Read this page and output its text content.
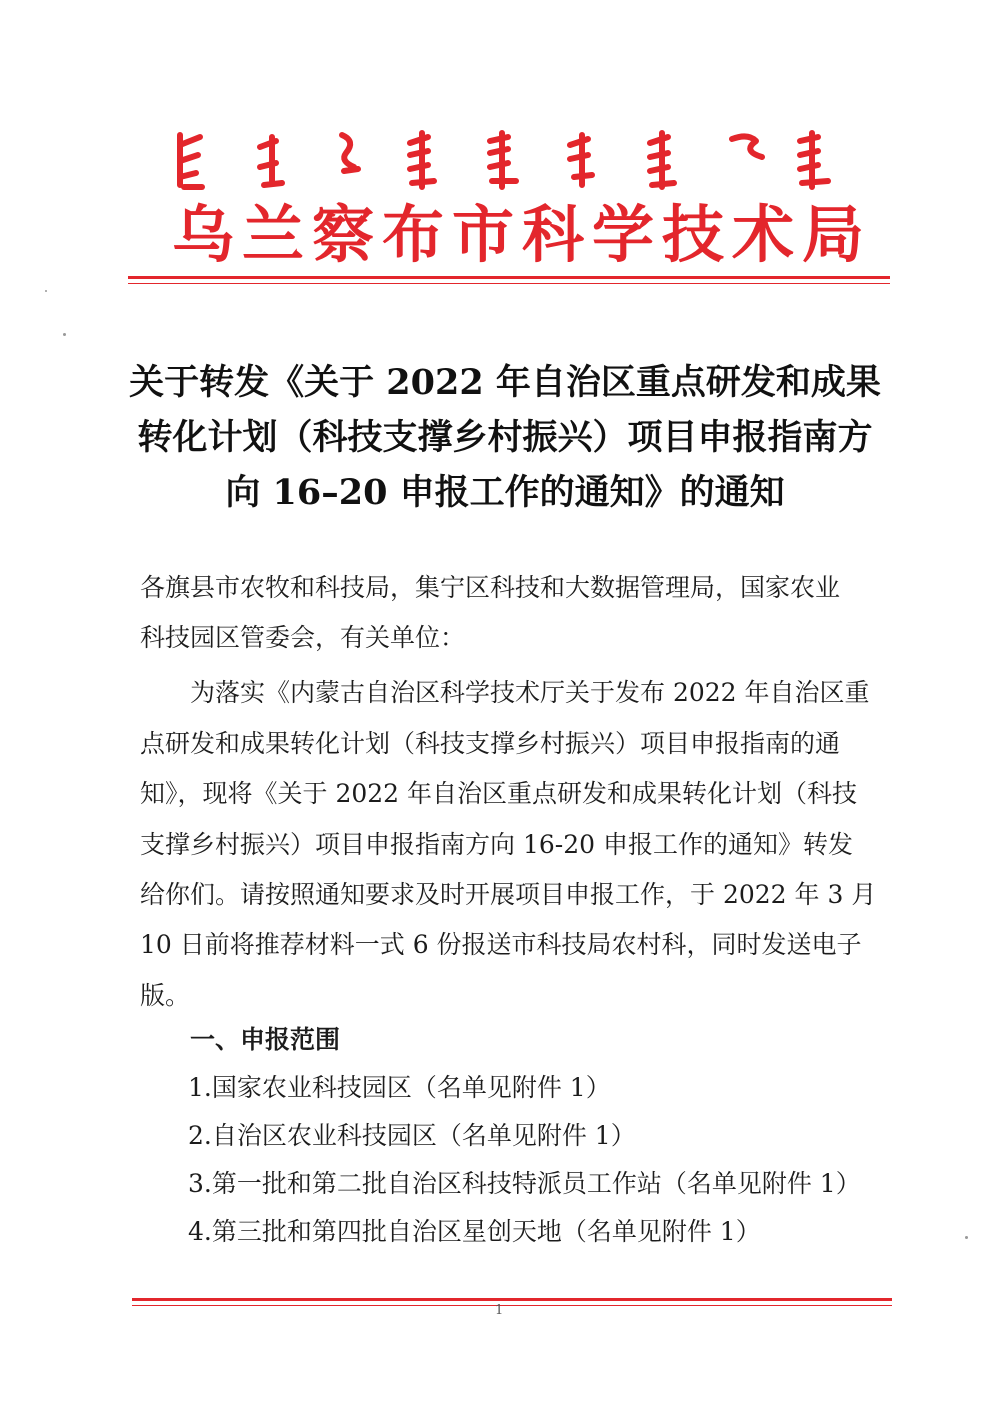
乌兰察布市科学技术局
关于转发《关于 2022 年自治区重点研发和成果
转化计划（科技支撑乡村振兴）项目申报指南方
向 16–20 申报工作的通知》的通知
各旗县市农牧和科技局，集宁区科技和大数据管理局，国家农业
科技园区管委会，有关单位：
为落实《内蒙古自治区科学技术厅关于发布 2022 年自治区重
点研发和成果转化计划（科技支撑乡村振兴）项目申报指南的通
知》，现将《关于 2022 年自治区重点研发和成果转化计划（科技
支撑乡村振兴）项目申报指南方向 16-20 申报工作的通知》转发
给你们。请按照通知要求及时开展项目申报工作，于 2022 年 3 月
10 日前将推荐材料一式 6 份报送市科技局农村科，同时发送电子
版。
一、申报范围
1.国家农业科技园区（名单见附件 1）
2.自治区农业科技园区（名单见附件 1）
3.第一批和第二批自治区科技特派员工作站（名单见附件 1）
4.第三批和第四批自治区星创天地（名单见附件 1）
1
